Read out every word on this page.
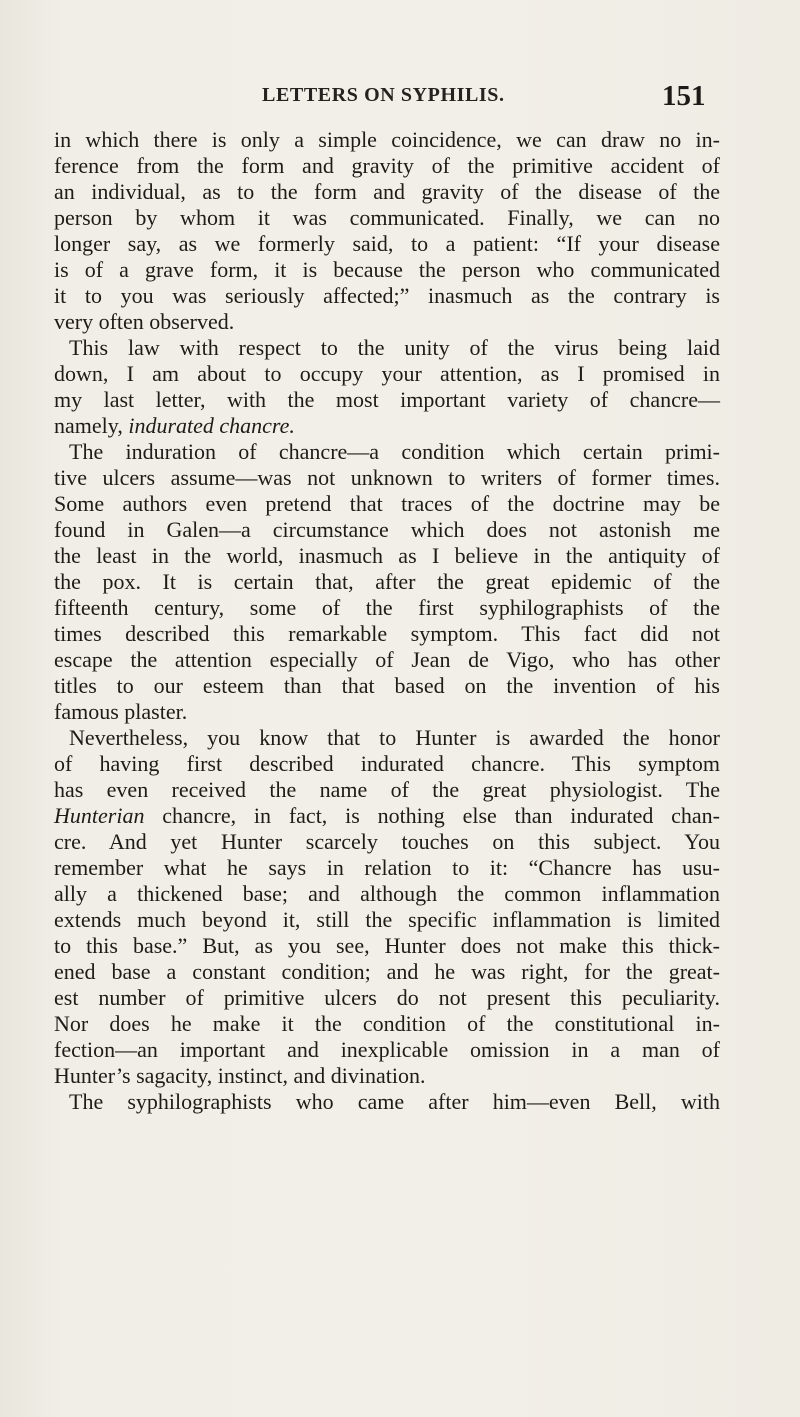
LETTERS ON SYPHILIS.	151
in which there is only a simple coincidence, we can draw no in-
ference from the form and gravity of the primitive accident of
an individual, as to the form and gravity of the disease of the
person by whom it was communicated. Finally, we can no
longer say, as we formerly said, to a patient: “If your disease
is of a grave form, it is because the person who communicated
it to you was seriously affected;” inasmuch as the contrary is
very often observed.
This law with respect to the unity of the virus being laid
down, I am about to occupy your attention, as I promised in
my last letter, with the most important variety of chancre—
namely, indurated chancre.
The induration of chancre—a condition which certain primi-
tive ulcers assume—was not unknown to writers of former times.
Some authors even pretend that traces of the doctrine may be
found in Galen—a circumstance which does not astonish me
the least in the world, inasmuch as I believe in the antiquity of
the pox. It is certain that, after the great epidemic of the
fifteenth century, some of the first syphilographists of the
times described this remarkable symptom. This fact did not
escape the attention especially of Jean de Vigo, who has other
titles to our esteem than that based on the invention of his
famous plaster.
Nevertheless, you know that to Hunter is awarded the honor
of having first described indurated chancre. This symptom
has even received the name of the great physiologist. The
Hunterian chancre, in fact, is nothing else than indurated chan-
cre. And yet Hunter scarcely touches on this subject. You
remember what he says in relation to it: “Chancre has usu-
ally a thickened base; and although the common inflammation
extends much beyond it, still the specific inflammation is limited
to this base.” But, as you see, Hunter does not make this thick-
ened base a constant condition; and he was right, for the great-
est number of primitive ulcers do not present this peculiarity.
Nor does he make it the condition of the constitutional in-
fection—an important and inexplicable omission in a man of
Hunter’s sagacity, instinct, and divination.
The syphilographists who came after him—even Bell, with
